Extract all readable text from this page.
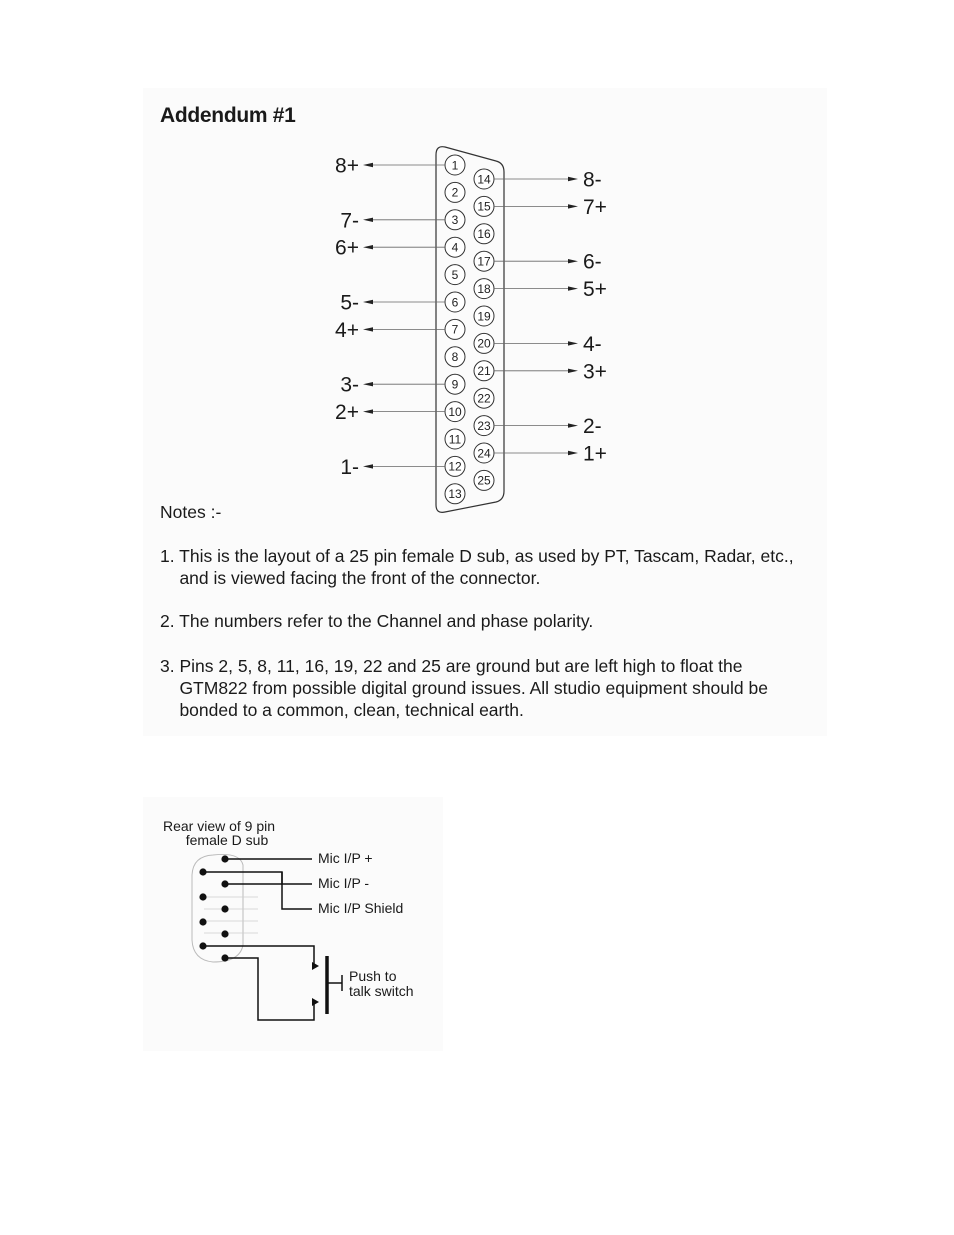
Addendum #1
1
2
3
4
5
6
7
8
9
10
11
12
13
14
15
16
17
18
19
20
21
22
23
24
25
8+
7-
6+
5-
4+
3-
2+
1-
8-
7+
6-
5+
4-
3+
2-
1+
Notes :-
1. This is the layout of a 25 pin female D sub, as used by PT, Tascam, Radar, etc.,
and is viewed facing the front of the connector.
2. The numbers refer to the Channel and phase polarity.
3. Pins 2, 5, 8, 11, 16, 19, 22 and 25 are ground but are left high to float the
GTM822 from possible digital ground issues. All studio equipment should be
bonded to a common, clean, technical earth.
Rear view of 9 pin
female D sub
Mic I/P +
Mic I/P -
Mic I/P Shield
Push to
talk switch
